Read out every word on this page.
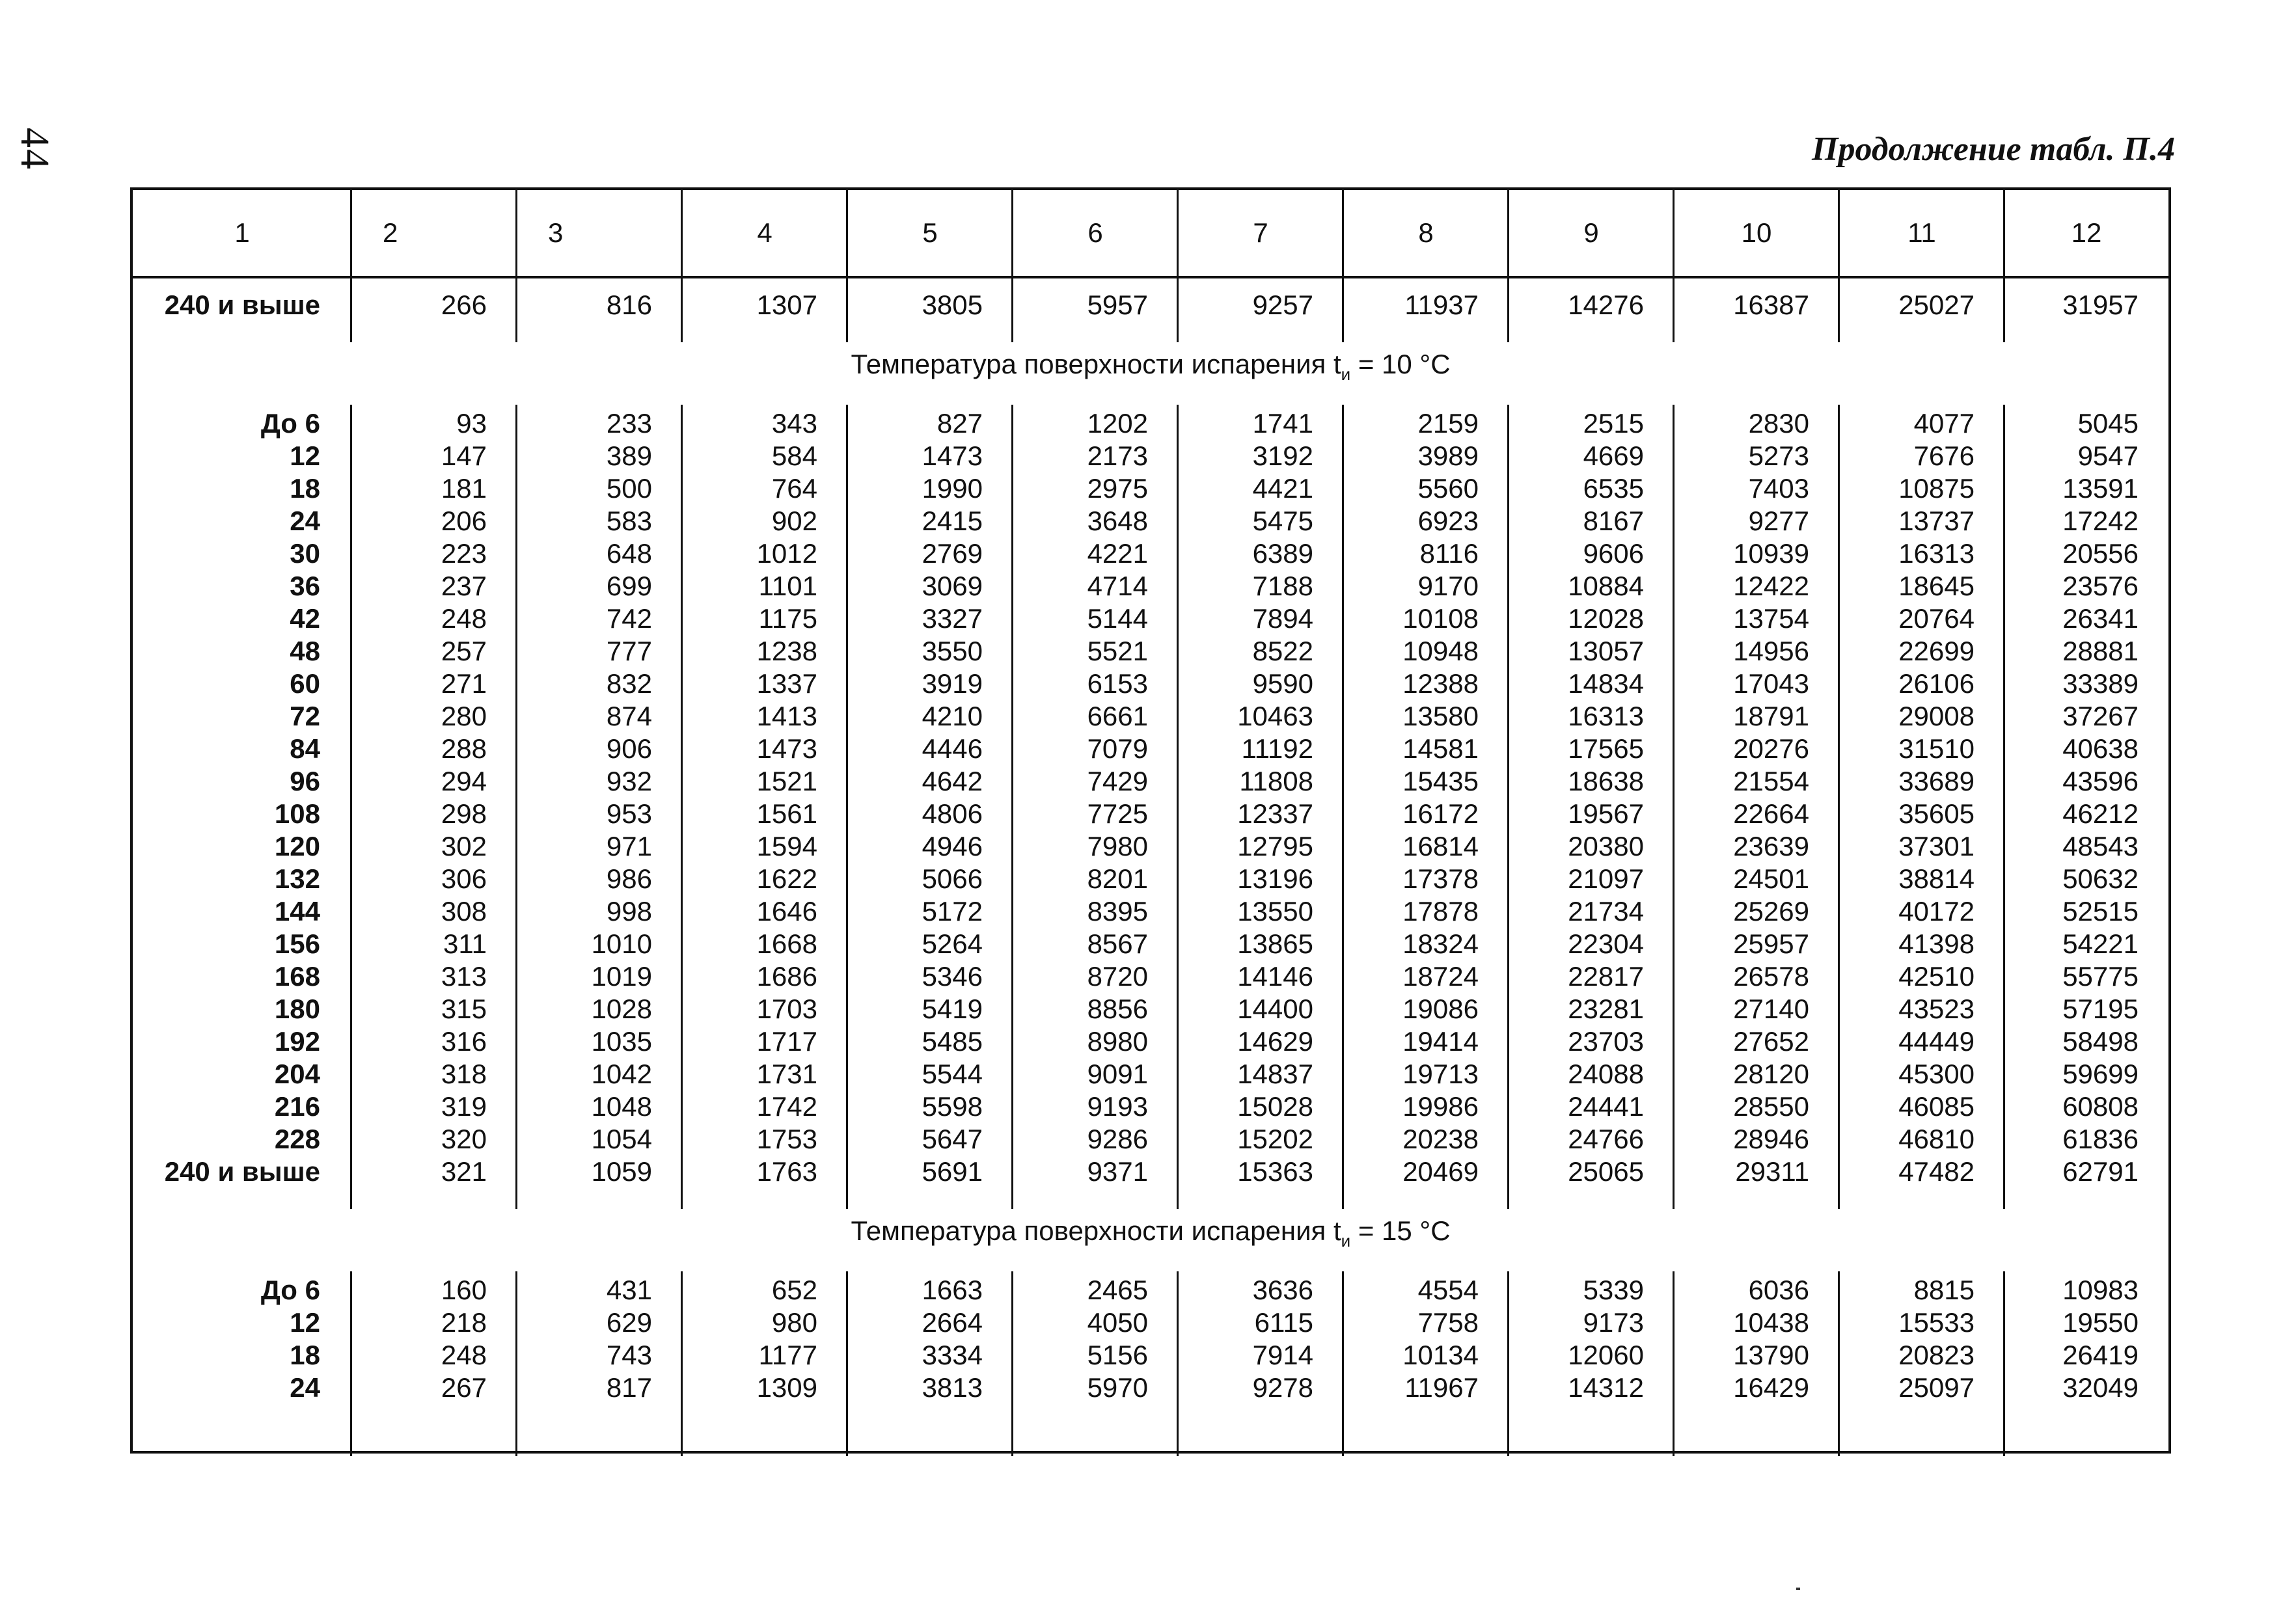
44	Продолжение табл. П.4
1	2	3	4	5	6	7	8	9	10	11	12
240 и выше	266	816	1307	3805	5957	9257	11937	14276	16387	25027	31957
Температура поверхности испарения $t_и = 10$ °C
До 6	93	233	343	827	1202	1741	2159	2515	2830	4077	5045
12	147	389	584	1473	2173	3192	3989	4669	5273	7676	9547
18	181	500	764	1990	2975	4421	5560	6535	7403	10875	13591
24	206	583	902	2415	3648	5475	6923	8167	9277	13737	17242
30	223	648	1012	2769	4221	6389	8116	9606	10939	16313	20556
36	237	699	1101	3069	4714	7188	9170	10884	12422	18645	23576
42	248	742	1175	3327	5144	7894	10108	12028	13754	20764	26341
48	257	777	1238	3550	5521	8522	10948	13057	14956	22699	28881
60	271	832	1337	3919	6153	9590	12388	14834	17043	26106	33389
72	280	874	1413	4210	6661	10463	13580	16313	18791	29008	37267
84	288	906	1473	4446	7079	11192	14581	17565	20276	31510	40638
96	294	932	1521	4642	7429	11808	15435	18638	21554	33689	43596
108	298	953	1561	4806	7725	12337	16172	19567	22664	35605	46212
120	302	971	1594	4946	7980	12795	16814	20380	23639	37301	48543
132	306	986	1622	5066	8201	13196	17378	21097	24501	38814	50632
144	308	998	1646	5172	8395	13550	17878	21734	25269	40172	52515
156	311	1010	1668	5264	8567	13865	18324	22304	25957	41398	54221
168	313	1019	1686	5346	8720	14146	18724	22817	26578	42510	55775
180	315	1028	1703	5419	8856	14400	19086	23281	27140	43523	57195
192	316	1035	1717	5485	8980	14629	19414	23703	27652	44449	58498
204	318	1042	1731	5544	9091	14837	19713	24088	28120	45300	59699
216	319	1048	1742	5598	9193	15028	19986	24441	28550	46085	60808
228	320	1054	1753	5647	9286	15202	20238	24766	28946	46810	61836
240 и выше	321	1059	1763	5691	9371	15363	20469	25065	29311	47482	62791
Температура поверхности испарения $t_и = 15$ °C
До 6	160	431	652	1663	2465	3636	4554	5339	6036	8815	10983
12	218	629	980	2664	4050	6115	7758	9173	10438	15533	19550
18	248	743	1177	3334	5156	7914	10134	12060	13790	20823	26419
24	267	817	1309	3813	5970	9278	11967	14312	16429	25097	32049
